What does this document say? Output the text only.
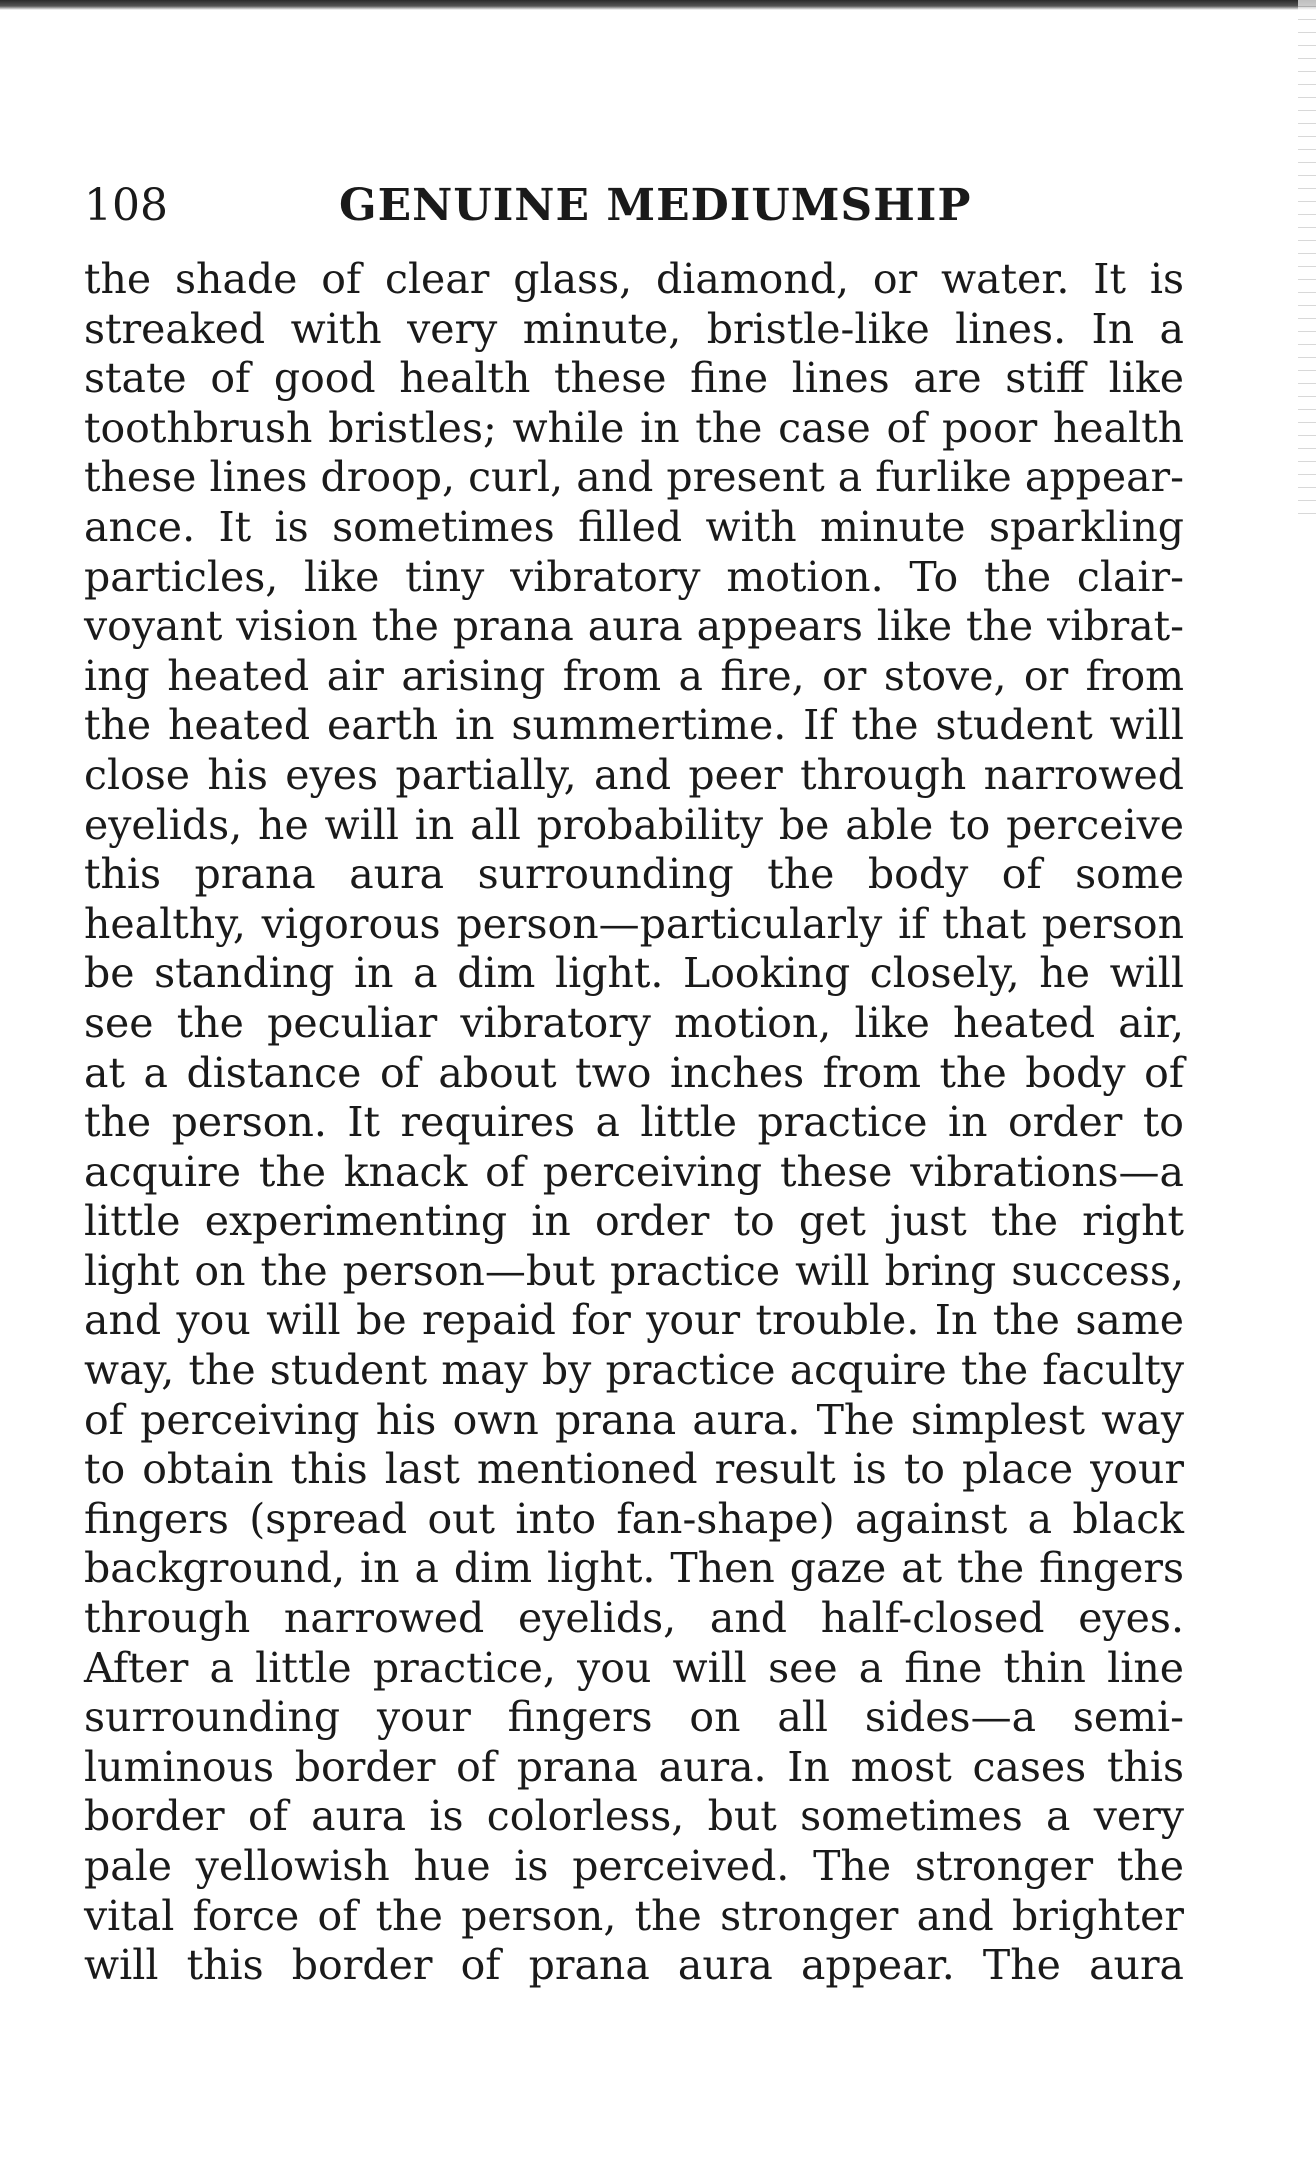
108	GENUINE MEDIUMSHIP
the shade of clear glass, diamond, or water. It is
streaked with very minute, bristle-like lines. In a
state of good health these fine lines are stiff like
toothbrush bristles; while in the case of poor health
these lines droop, curl, and present a furlike appear-
ance. It is sometimes filled with minute sparkling
particles, like tiny vibratory motion. To the clair-
voyant vision the prana aura appears like the vibrat-
ing heated air arising from a fire, or stove, or from
the heated earth in summertime. If the student will
close his eyes partially, and peer through narrowed
eyelids, he will in all probability be able to perceive
this prana aura surrounding the body of some
healthy, vigorous person—particularly if that person
be standing in a dim light. Looking closely, he will
see the peculiar vibratory motion, like heated air,
at a distance of about two inches from the body of
the person. It requires a little practice in order to
acquire the knack of perceiving these vibrations—a
little experimenting in order to get just the right
light on the person—but practice will bring success,
and you will be repaid for your trouble. In the same
way, the student may by practice acquire the faculty
of perceiving his own prana aura. The simplest way
to obtain this last mentioned result is to place your
fingers (spread out into fan-shape) against a black
background, in a dim light. Then gaze at the fingers
through narrowed eyelids, and half-closed eyes.
After a little practice, you will see a fine thin line
surrounding your fingers on all sides—a semi-
luminous border of prana aura. In most cases this
border of aura is colorless, but sometimes a very
pale yellowish hue is perceived. The stronger the
vital force of the person, the stronger and brighter
will this border of prana aura appear. The aura
